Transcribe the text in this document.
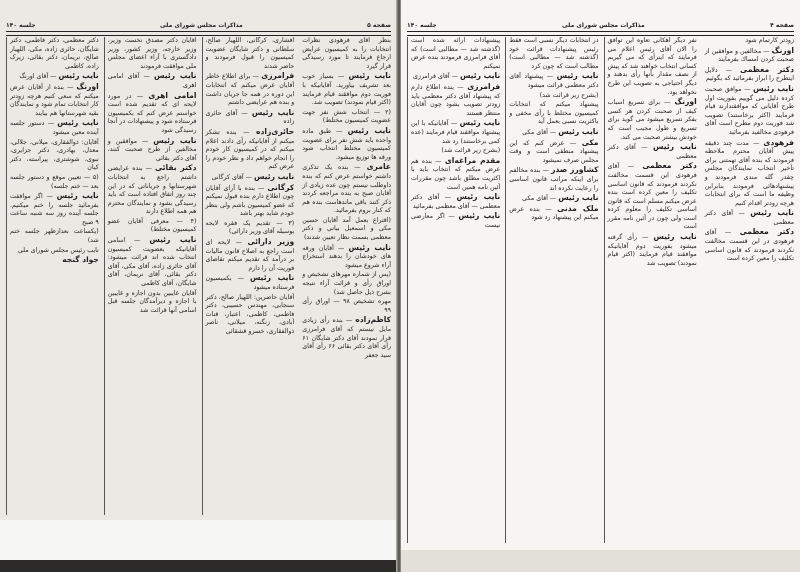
صفحه ۵
مذاکرات مجلس شورای ملی
جلسه ۱۴۰

بنظر آقای فرهودی نظرات انتخابات را به کمیسیون عرایض ارجاع فرمایند تا مورد رسیدگی قرار گیرد

نایب رئیس — بسیار خوب بعد تشریف بیاورید. آقایانیکه با فوریت دوم موافقند قیام فرمایند (اکثر قیام نمودند) تصویب شد.

(۲ — انتخاب شش نفر جهت عضویت کمیسیون مختلط)

نایب رئیس — طبق ماده واحده باید شش نفر برای عضویت کمیسیون مختلط انتخاب شود ورقه ها توزیع میشود.

عامری — بنده یک تذکری داشتم خواستم عرض کنم که بنده داوطلب نیستم چون عده زیادی از آقایان صبح به بنده مراجعه کردند ذکر کنند باقی ماندهاست بنده هم که کنار بروم بفرمائید.

(اقتراع بعمل آمد آقایان حسین مکی و اسمعیل بیانی و دکتر معظمی بسمت نظار تعیین شدند)

نایب رئیس — آقایان ورقه های خودشان را بدهند استخراج آراء شروع میشود

(پس از شماره مهرهای تشخیص و اوراق رأی و قرائت آراء نتیجه بشرح ذیل حاصل شد)

مهره تشخیص ۹۸ — اوراق رأی ۹۹

کاظم‌زاده — بنده رأی زیادی مایل نیستم که آقای فرامرزی قرار نمودند آقای دکتر شایگان ۶۱ رأی آقای دکتر بقائی ۶۶ رأی آقای سید جعفر

افشاری، کرگانی، اللهیار صالح، سلطانی و دکتر شایگان عضویت کمیسیون را قبول فرمودند و حاضر شدند

فرامرزی — برای اطلاع خاطر آقایان عرض میکنم که انتخابات این دوره در همه جا جریان داشت و بنده هم عرایضی داشتم

نایب رئیس — آقای حائری زاده

حائری‌زاده — بنده تشکر میکنم از آقایانیکه رأی دادند اعلام میکنم که در کمیسیون کار خودم را انجام خواهم داد و نظر خودم را عرض کنم

نایب رئیس — آقای کرگانی

کرگانی — بنده با آرای آقایان چون اطلاع دارم بنده قبول نمیکنم که عضو کمیسیون باشم ولی بنظر خودم شاید بهتر باشد

(۳ — تقدیم یک فقره لایحه بوسیله آقای وزیر دارائی)

وزیر دارائی — لایحه ای است راجع به اصلاح قانون مالیات بر درآمد که تقدیم میکنم تقاضای فوریت آن را دارم

نایب رئیس — بکمیسیون فرستاده میشود

آقایان حاضرین: اللهیار صالح، دکتر سنجابی، مهندس حسیبی، دکتر فاطمی، کاظمی، اعتبار، قنات آبادی، زنگنه، میلانی، ناصر ذوالفقاری، خسرو قشقائی

آقایان دکتر مصدق نخست وزیر، وزیر خارجه، وزیر کشور، وزیر دادگستری با آراء اعضای مجلس ملی موافقت فرمودند

نایب رئیس — آقای امامی اهری

امامی اهری — در مورد لایحه ای که تقدیم شده است خواستم عرض کنم که بکمیسیون فرستاده شود و پیشنهادات در آنجا رسیدگی شود

نایب رئیس — موافقین و مخالفین از طرح صحبت کنند، آقای دکتر بقائی

دکتر بقائی — بنده عرایضی داشتم راجع به انتخابات شهرستانها و جریاناتی که در این چند روز اتفاق افتاده است که باید رسیدگی بشود و نمایندگان محترم هم همه اطلاع دارند

(۴ — معرفی آقایان عضو کمیسیون مختلط)

نایب رئیس — اسامی آقایانیکه بعضویت کمیسیون انتخاب شده اند قرائت میشود: آقای حائری زاده، آقای مکی، آقای دکتر بقائی، آقای نریمان، آقای شایگان، آقای کاظمی

آقایان غایبین بدون اجازه و غایبین با اجازه و دیرآمدگان جلسه قبل اسامی آنها قرائت شد

دکتر معظمی، دکتر فاطمی، دکتر شایگان، حائری زاده، مکی، اللهیار صالح، نریمان، دکتر بقائی، زیرک زاده، کاظمی

نایب رئیس — آقای اورنگ

اورنگ — بنده از آقایان عرض میکنم که سعی کنیم هرچه زودتر کار انتخابات تمام شود و نمایندگان بقیه شهرستانها هم بیایند

نایب رئیس — دستور جلسه آینده معین میشود

آقایان: ذوالفقاری، میلانی، جلالی، معدل، بهادری، دکتر جزایری، نبوی، شوشتری، پیراسته، دکتر کیان

(۵ — تعیین موقع و دستور جلسه بعد — ختم جلسه)

نایب رئیس — اگر موافقت بفرمائید جلسه را ختم میکنیم. جلسه آینده روز سه شنبه ساعت ۹ صبح

(یکساعت بعدازظهر جلسه ختم شد)

نایب رئیس مجلس شورای ملی

جواد گنجه

صفحه ۴
مذاکرات مجلس شورای ملی
جلسه ۱۴۰

زودتر کارتمام شود

اورنگ — مخالفین و موافقین از صحبت کردن امساك بفرمایند

دکتر معظمی — دلایل اینطرح را ابراز بفرمائید که بگوئیم

نایب رئیس — موافق صحبت کرده دلیل می گوییم بفوریت اول طرح آقایانی که موافقتدارند قیام فرمایند (اکثر برخاستند) تصویب شد فوریت دوم مطرح است آقای فرهودی مخالفید بفرمائید

فرهودی — مدت چند دقیقه پیش آقایان محترم ملاحظه فرمودند که بنده آقای تهمتنی برای تأخیر انتخاب نمایندگان مجلس چقدر گله مندی فرمودند و پیشنهادهائی فرمودند بنابراین وظیفه ما است که برای انتخابات هرچه زودتر اقدام کنیم

نایب رئیس — آقای دکتر معظمی

دکتر معظمی — آقای فرهودی در این قسمت مخالفت نکردند فرمودند که قانون اساسی تکلیف را معین کرده است

نفر دیگر اهکانی تعاوه این توافق را الان آقای رئیس اعلام می فرمایند که اینرأی که می گیریم کسانی انتخاب خواهند شد که پیش از نصف مقدار بآنها رأی بدهند و دیگر احتیاجی به تصویب این طرح نخواهد بود.

اورنگ — برای تسریع اسباب کیف از صحبت کردن هر کسی بفکر تسریع میشود می گوید برای تسریع و طول مجیب است که خودش بیشتر صحبت می کند.

نایب رئیس — آقای دکتر معظمی

دکتر معظمی — آقای فرهودی این قسمت مخالفت نکردند فرمودند که قانون اساسی تکلیف را معین کرده است بنده عرض میکنم مسلم است که قانون اساسی تکلیف را معلوم کرده است ولی چون در آئین نامه مقرر است

نایب رئیس — رأی گرفته میشود بفوریت دوم آقایانیکه موافقند قیام فرمایند (اکثر قیام نمودند) تصویب شد

در انتخابات دیگر نسبی است فقط رئیس پیشنهادات قرائت خود (گذشته شد — مطالبی است) مطالب است که چون کرد

نایب رئیس — پیشنهاد آقای دکتر معظمی قرائت میشود

(بشرح زیر قرائت شد)

پیشنهاد میکنم که انتخابات کمیسیون مختلط با رأی مخفی و باکثریت نسبی بعمل آید

نایب رئیس — آقای مکی

مکی — عرض کنم که این پیشنهاد منطقی است و وقت مجلس صرف نمیشود

کشاورز صدر — بنده مخالفم برای اینکه مراتب قانون اساسی را رعایت نکرده اند

نایب رئیس — آقای مکی

ملک مدنی — بنده عرض میکنم این پیشنهاد رد شود

پیشنهادات ارائه شده است (گذشته شد — مطالبی است) که آقای فرامرزی فرمودند بنده عرض نمیکنم

نایب رئیس — آقای فرامرزی

فرامرزی — بنده اطلاع دارم که پیشنهاد آقای دکتر معظمی باید زودتر تصویب بشود چون آقایان منتظر هستند

نایب رئیس — آقایانیکه با این پیشنهاد موافقند قیام فرمایند (عده کمی برخاستند) رد شد

(بشرح زیر قرائت شد)

مقدم مراغه‌ای — بنده هم عرض میکنم که انتخاب باید با اکثریت مطلق باشد چون مقررات آئین نامه همین است

نایب رئیس — آقای دکتر معظمی — آقای معظمی بفرمائید

نایب رئیس — اگر معارضی نیست
